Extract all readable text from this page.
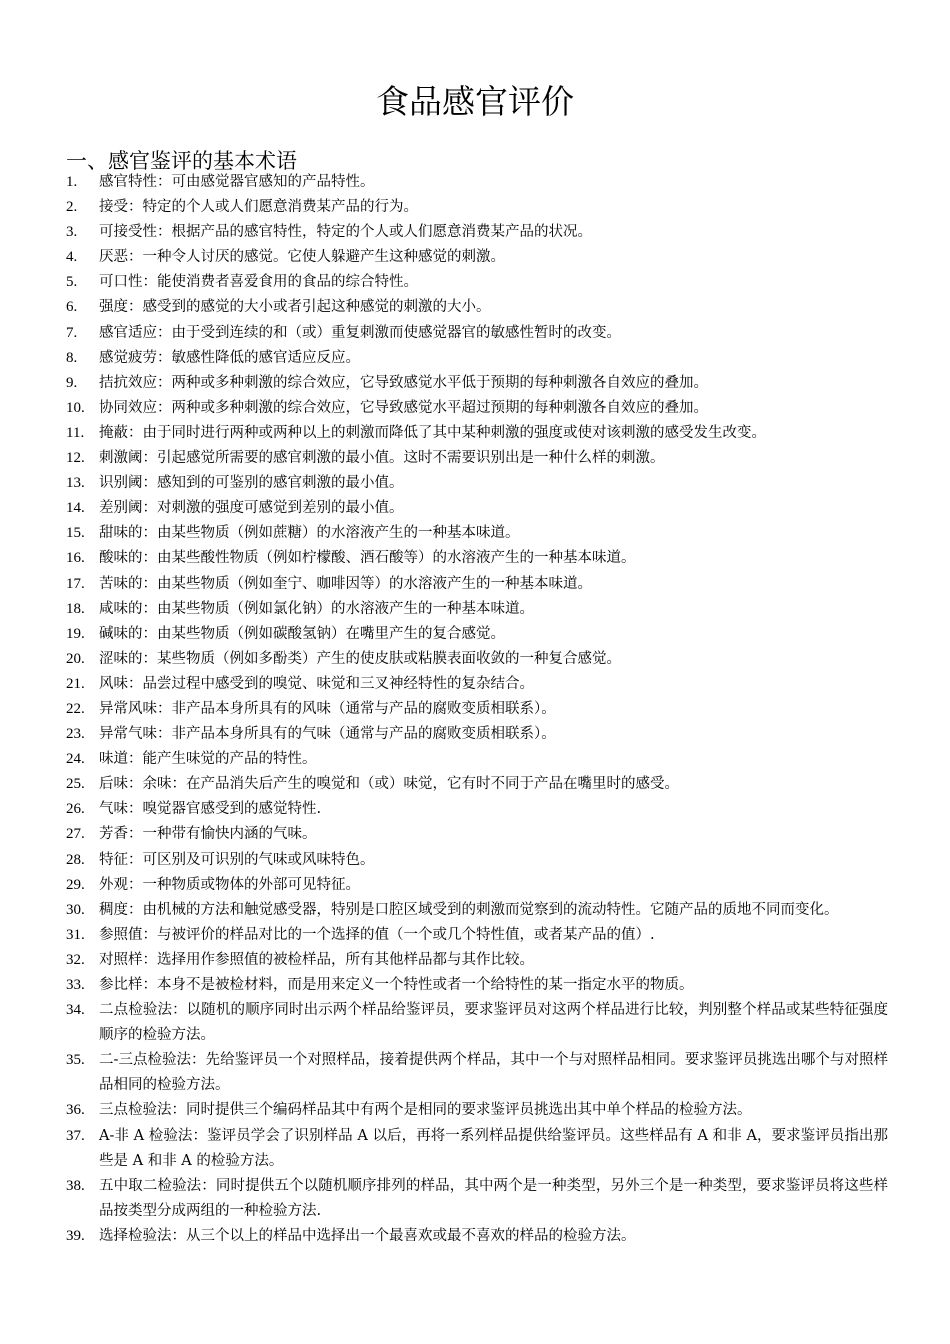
食品感官评价
一、感官鉴评的基本术语
1.	感官特性：可由感觉器官感知的产品特性。
2.	接受：特定的个人或人们愿意消费某产品的行为。
3.	可接受性：根据产品的感官特性，特定的个人或人们愿意消费某产品的状况。
4.	厌恶：一种令人讨厌的感觉。它使人躲避产生这种感觉的刺激。
5.	可口性：能使消费者喜爱食用的食品的综合特性。
6.	强度：感受到的感觉的大小或者引起这种感觉的刺激的大小。
7.	感官适应：由于受到连续的和（或）重复刺激而使感觉器官的敏感性暂时的改变。
8.	感觉疲劳：敏感性降低的感官适应反应。
9.	拮抗效应：两种或多种刺激的综合效应，它导致感觉水平低于预期的每种刺激各自效应的叠加。
10. 协同效应：两种或多种刺激的综合效应，它导致感觉水平超过预期的每种刺激各自效应的叠加。
11.	掩蔽：由于同时进行两种或两种以上的刺激而降低了其中某种刺激的强度或使对该刺激的感受发生改变。
12. 刺激阈：引起感觉所需要的感官刺激的最小值。这时不需要识别出是一种什么样的刺激。
13. 识别阈：感知到的可鉴别的感官刺激的最小值。
14. 差别阈：对刺激的强度可感觉到差别的最小值。
15. 甜味的：由某些物质（例如蔗糖）的水溶液产生的一种基本味道。
16. 酸味的：由某些酸性物质（例如柠檬酸、酒石酸等）的水溶液产生的一种基本味道。
17. 苦味的：由某些物质（例如奎宁、咖啡因等）的水溶液产生的一种基本味道。
18. 咸味的：由某些物质（例如氯化钠）的水溶液产生的一种基本味道。
19. 碱味的：由某些物质（例如碳酸氢钠）在嘴里产生的复合感觉。
20. 涩味的：某些物质（例如多酚类）产生的使皮肤或粘膜表面收敛的一种复合感觉。
21. 风味：品尝过程中感受到的嗅觉、味觉和三叉神经特性的复杂结合。
22. 异常风味：非产品本身所具有的风味（通常与产品的腐败变质相联系）。
23. 异常气味：非产品本身所具有的气味（通常与产品的腐败变质相联系）。
24. 味道：能产生味觉的产品的特性。
25. 后味：余味：在产品消失后产生的嗅觉和（或）味觉，它有时不同于产品在嘴里时的感受。
26. 气味：嗅觉器官感受到的感觉特性.
27. 芳香：一种带有愉快内涵的气味。
28. 特征：可区别及可识别的气味或风味特色。
29. 外观：一种物质或物体的外部可见特征。
30. 稠度：由机械的方法和触觉感受器，特别是口腔区域受到的刺激而觉察到的流动特性。它随产品的质地不同而变化。
31. 参照值：与被评价的样品对比的一个选择的值（一个或几个特性值，或者某产品的值）.
32. 对照样：选择用作参照值的被检样品，所有其他样品都与其作比较。
33. 参比样：本身不是被检材料，而是用来定义一个特性或者一个给特性的某一指定水平的物质。
34. 二点检验法：以随机的顺序同时出示两个样品给鉴评员，要求鉴评员对这两个样品进行比较，判别整个样品或某些特征强度顺序的检验方法。
35. 二-三点检验法：先给鉴评员一个对照样品，接着提供两个样品，其中一个与对照样品相同。要求鉴评员挑选出哪个与对照样品相同的检验方法。
36. 三点检验法：同时提供三个编码样品其中有两个是相同的要求鉴评员挑选出其中单个样品的检验方法。
37. A-非 A 检验法：鉴评员学会了识别样品 A 以后，再将一系列样品提供给鉴评员。这些样品有 A 和非 A，要求鉴评员指出那些是 A 和非 A 的检验方法。
38. 五中取二检验法：同时提供五个以随机顺序排列的样品，其中两个是一种类型，另外三个是一种类型，要求鉴评员将这些样品按类型分成两组的一种检验方法.
39. 选择检验法：从三个以上的样品中选择出一个最喜欢或最不喜欢的样品的检验方法。
